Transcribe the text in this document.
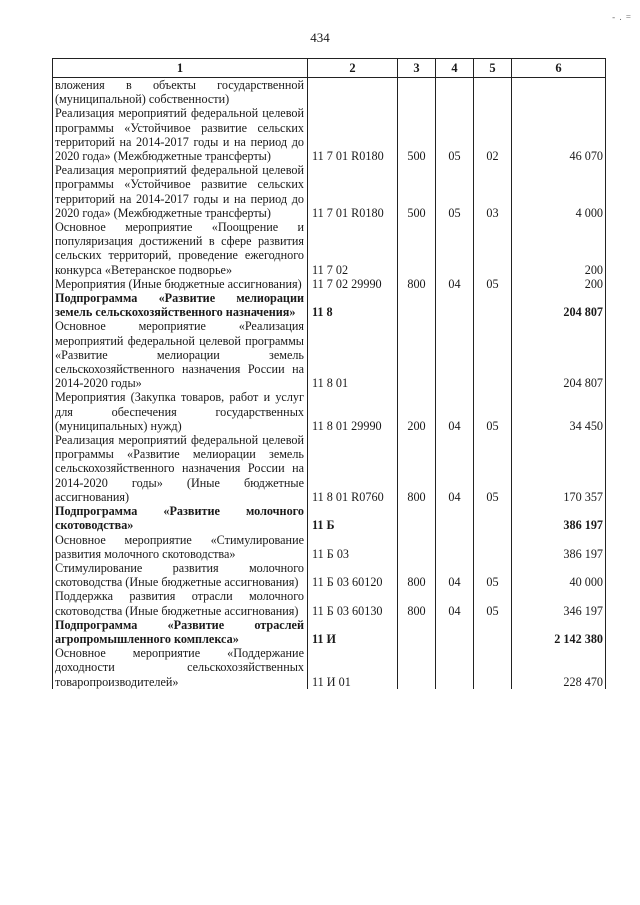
434
- . =
1	2	3	4	5	6
вложения в объекты государственной (муниципальной) собственности)					
Реализация мероприятий федеральной целевой программы «Устойчивое развитие сельских территорий на 2014-2017 годы и на период до 2020 года» (Межбюджетные трансферты)	11 7 01 R0180	500	05	02	46 070
Реализация мероприятий федеральной целевой программы «Устойчивое развитие сельских территорий на 2014-2017 годы и на период до 2020 года» (Межбюджетные трансферты)	11 7 01 R0180	500	05	03	4 000
Основное мероприятие «Поощрение и популяризация достижений в сфере развития сельских территорий, проведение ежегодного конкурса «Ветеранское подворье»	11 7 02				200
Мероприятия (Иные бюджетные ассигнования)	11 7 02 29990	800	04	05	200
Подпрограмма «Развитие мелиорации земель сельскохозяйственного назначения»	11 8				204 807
Основное мероприятие «Реализация мероприятий федеральной целевой программы «Развитие мелиорации земель сельскохозяйственного назначения России на 2014-2020 годы»	11 8 01				204 807
Мероприятия (Закупка товаров, работ и услуг для обеспечения государственных (муниципальных) нужд)	11 8 01 29990	200	04	05	34 450
Реализация мероприятий федеральной целевой программы «Развитие мелиорации земель сельскохозяйственного назначения России на 2014-2020 годы» (Иные бюджетные ассигнования)	11 8 01 R0760	800	04	05	170 357
Подпрограмма «Развитие молочного скотоводства»	11 Б				386 197
Основное мероприятие «Стимулирование развития молочного скотоводства»	11 Б 03				386 197
Стимулирование развития молочного скотоводства (Иные бюджетные ассигнования)	11 Б 03 60120	800	04	05	40 000
Поддержка развития отрасли молочного скотоводства (Иные бюджетные ассигнования)	11 Б 03 60130	800	04	05	346 197
Подпрограмма «Развитие отраслей агропромышленного комплекса»	11 И				2 142 380
Основное мероприятие «Поддержание доходности сельскохозяйственных товаропроизводителей»	11 И 01				228 470
